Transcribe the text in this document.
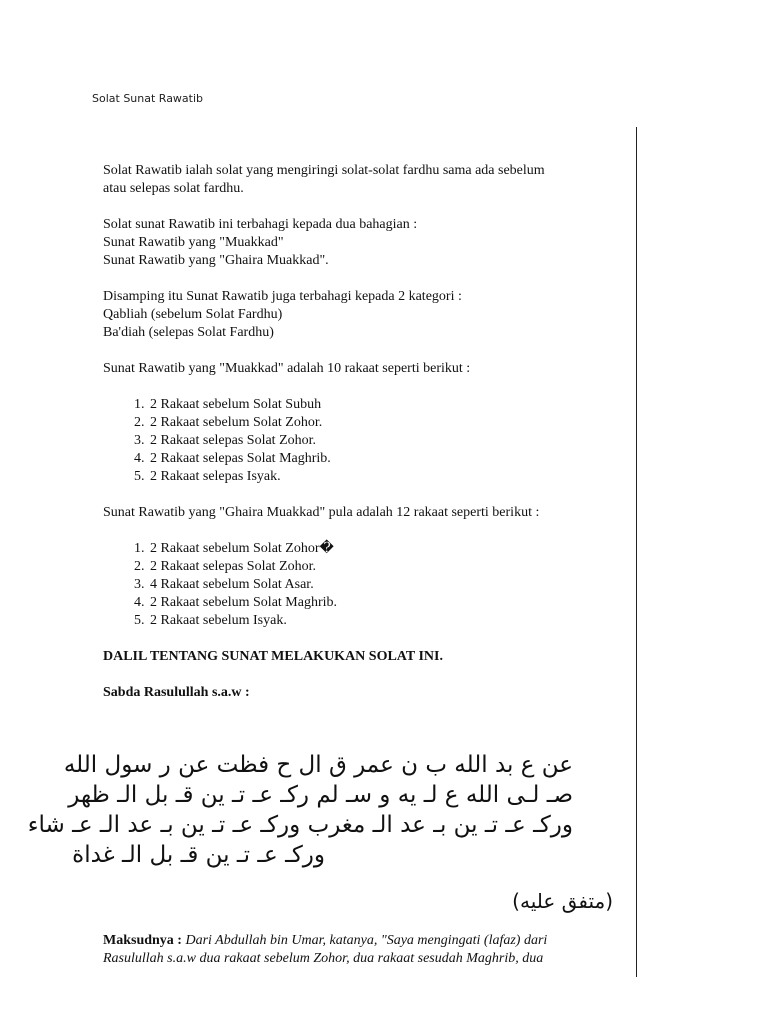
Solat Sunat Rawatib

Solat Rawatib ialah solat yang mengiringi solat-solat fardhu sama ada sebelum
atau selepas solat fardhu.

Solat sunat Rawatib ini terbahagi kepada dua bahagian :
Sunat Rawatib yang "Muakkad"
Sunat Rawatib yang "Ghaira Muakkad".

Disamping itu Sunat Rawatib juga terbahagi kepada 2 kategori :
Qabliah (sebelum Solat Fardhu)
Ba'diah (selepas Solat Fardhu)

Sunat Rawatib yang "Muakkad" adalah 10 rakaat seperti berikut :

1. 2 Rakaat sebelum Solat Subuh
2. 2 Rakaat sebelum Solat Zohor.
3. 2 Rakaat selepas Solat Zohor.
4. 2 Rakaat selepas Solat Maghrib.
5. 2 Rakaat selepas Isyak.

Sunat Rawatib yang "Ghaira Muakkad" pula adalah 12 rakaat seperti berikut :

1. 2 Rakaat sebelum Solat Zohor�
2. 2 Rakaat selepas Solat Zohor.
3. 4 Rakaat sebelum Solat Asar.
4. 2 Rakaat sebelum Solat Maghrib.
5. 2 Rakaat sebelum Isyak.

DALIL TENTANG SUNAT MELAKUKAN SOLAT INI.

Sabda Rasulullah s.a.w :

عن ع بد الله ب ن عمر ق ال ح فظت عن ر سول الله
صـ لـى الله ع لـ يه و سـ لم ركـ عـ تـ ين قـ بل الـ ظهر
وركـ عـ تـ ين بـ عد الـ مغرب وركـ عـ تـ ين بـ عد الـ عـ شاء
وركـ عـ تـ ين قـ بل الـ غداة
(متفق عليه)

Maksudnya : Dari Abdullah bin Umar, katanya, "Saya mengingati (lafaz) dari
Rasulullah s.a.w dua rakaat sebelum Zohor, dua rakaat sesudah Maghrib, dua
